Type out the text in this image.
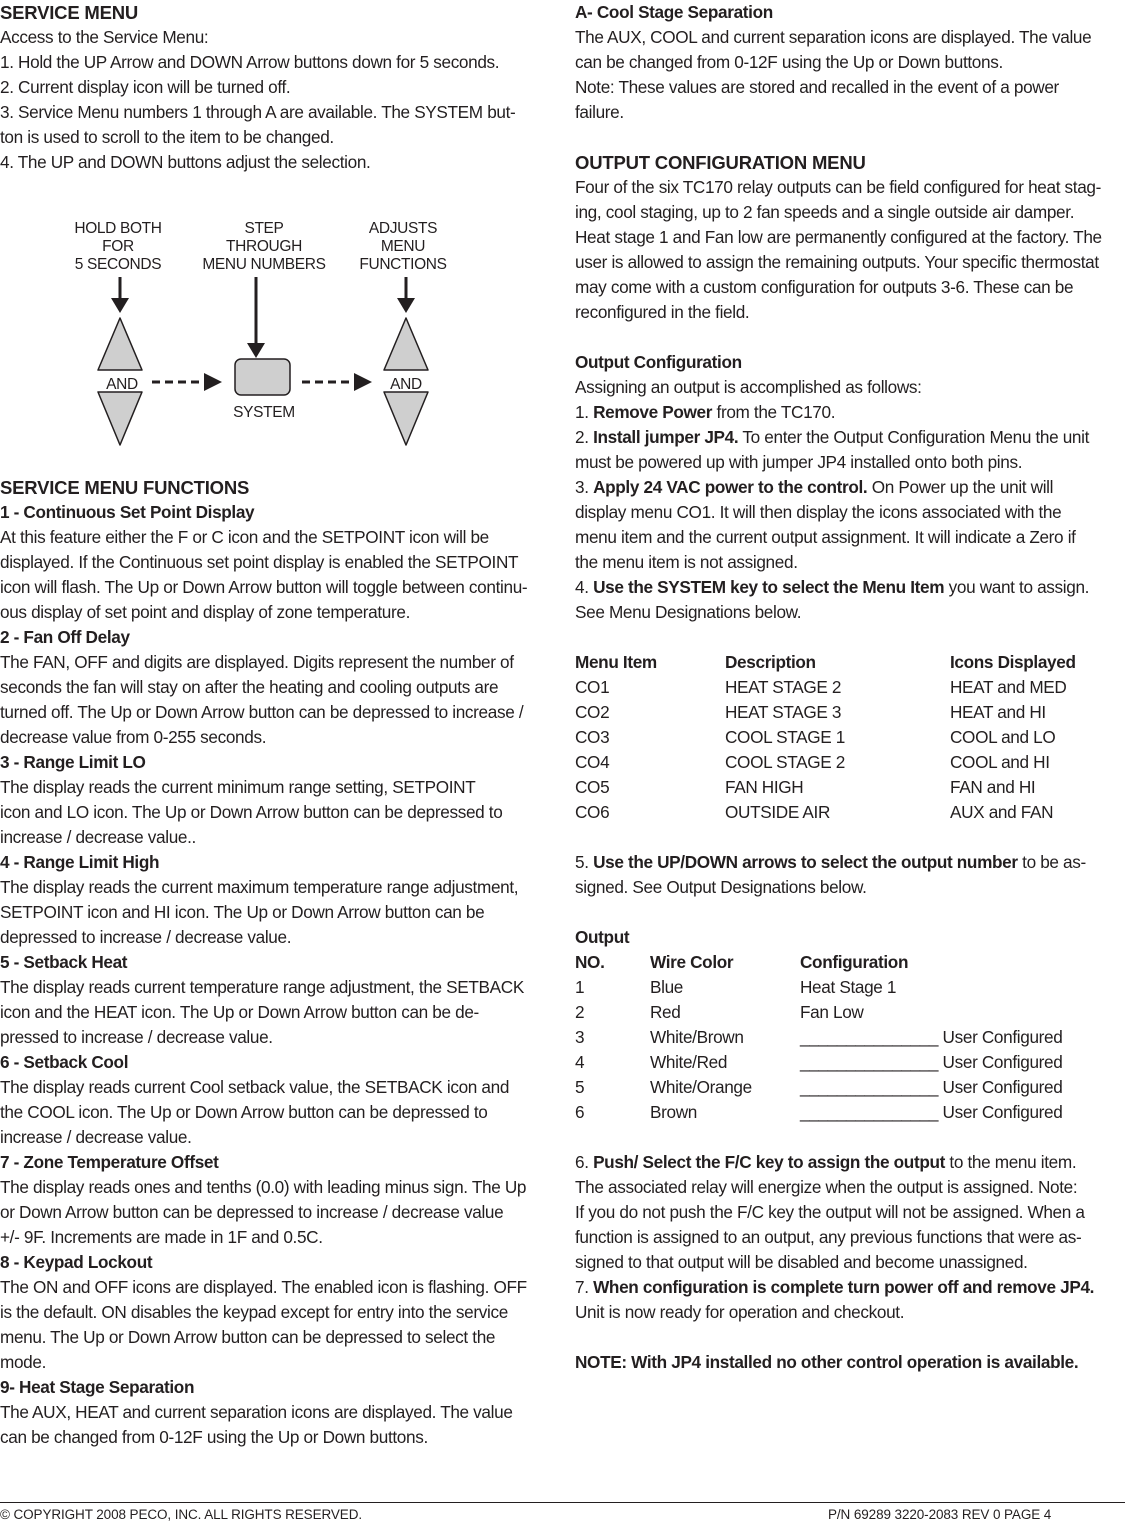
SERVICE MENU
Access to the Service Menu:
1. Hold the UP Arrow and DOWN Arrow buttons down for 5 seconds.
2. Current display icon will be turned off.
3. Service Menu numbers 1 through A are available. The SYSTEM but-
ton is used to scroll to the item to be changed.
4. The UP and DOWN buttons adjust the selection.
HOLD BOTH
FOR
5 SECONDS
STEP
THROUGH
MENU NUMBERS
ADJUSTS
MENU
FUNCTIONS
AND	AND
SYSTEM
SERVICE MENU FUNCTIONS
1 - Continuous Set Point Display
At this feature either the F or C icon and the SETPOINT icon will be
displayed. If the Continuous set point display is enabled the SETPOINT
icon will flash. The Up or Down Arrow button will toggle between continu-
ous display of set point and display of zone temperature.
2 - Fan Off Delay
The FAN, OFF and digits are displayed. Digits represent the number of
seconds the fan will stay on after the heating and cooling outputs are
turned off. The Up or Down Arrow button can be depressed to increase /
decrease value from 0-255 seconds.
3 - Range Limit LO
The display reads the current minimum range setting, SETPOINT
icon and LO icon. The Up or Down Arrow button can be depressed to
increase / decrease value..
4 - Range Limit High
The display reads the current maximum temperature range adjustment,
SETPOINT icon and HI icon. The Up or Down Arrow button can be
depressed to increase / decrease value.
5 - Setback Heat
The display reads current temperature range adjustment, the SETBACK
icon and the HEAT icon. The Up or Down Arrow button can be de-
pressed to increase / decrease value.
6 - Setback Cool
The display reads current Cool setback value, the SETBACK icon and
the COOL icon. The Up or Down Arrow button can be depressed to
increase / decrease value.
7 - Zone Temperature Offset
The display reads ones and tenths (0.0) with leading minus sign. The Up
or Down Arrow button can be depressed to increase / decrease value
+/- 9F. Increments are made in 1F and 0.5C.
8 - Keypad Lockout
The ON and OFF icons are displayed. The enabled icon is flashing. OFF
is the default. ON disables the keypad except for entry into the service
menu. The Up or Down Arrow button can be depressed to select the
mode.
9- Heat Stage Separation
The AUX, HEAT and current separation icons are displayed. The value
can be changed from 0-12F using the Up or Down buttons.
A- Cool Stage Separation
The AUX, COOL and current separation icons are displayed. The value
can be changed from 0-12F using the Up or Down buttons.
Note: These values are stored and recalled in the event of a power
failure.
OUTPUT CONFIGURATION MENU
Four of the six TC170 relay outputs can be field configured for heat stag-
ing, cool staging, up to 2 fan speeds and a single outside air damper.
Heat stage 1 and Fan low are permanently configured at the factory. The
user is allowed to assign the remaining outputs. Your specific thermostat
may come with a custom configuration for outputs 3-6. These can be
reconfigured in the field.
Output Configuration
Assigning an output is accomplished as follows:
1. Remove Power from the TC170.
2. Install jumper JP4. To enter the Output Configuration Menu the unit
must be powered up with jumper JP4 installed onto both pins.
3. Apply 24 VAC power to the control. On Power up the unit will
display menu CO1. It will then display the icons associated with the
menu item and the current output assignment. It will indicate a Zero if
the menu item is not assigned.
4. Use the SYSTEM key to select the Menu Item you want to assign.
See Menu Designations below.
Menu Item	Description	Icons Displayed
CO1	HEAT STAGE 2	HEAT and MED
CO2	HEAT STAGE 3	HEAT and HI
CO3	COOL STAGE 1	COOL and LO
CO4	COOL STAGE 2	COOL and HI
CO5	FAN HIGH	FAN and HI
CO6	OUTSIDE AIR	AUX and FAN
5. Use the UP/DOWN arrows to select the output number to be as-
signed. See Output Designations below.
Output
NO.	Wire Color	Configuration
1	Blue	Heat Stage 1
2	Red	Fan Low
3	White/Brown	_______________ User Configured
4	White/Red	_______________ User Configured
5	White/Orange	_______________ User Configured
6	Brown	_______________ User Configured
6. Push/ Select the F/C key to assign the output to the menu item.
The associated relay will energize when the output is assigned. Note:
If you do not push the F/C key the output will not be assigned. When a
function is assigned to an output, any previous functions that were as-
signed to that output will be disabled and become unassigned.
7. When configuration is complete turn power off and remove JP4.
Unit is now ready for operation and checkout.
NOTE: With JP4 installed no other control operation is available.
© COPYRIGHT 2008 PECO, INC. ALL RIGHTS RESERVED.	P/N 69289 3220-2083 REV 0 PAGE 4
